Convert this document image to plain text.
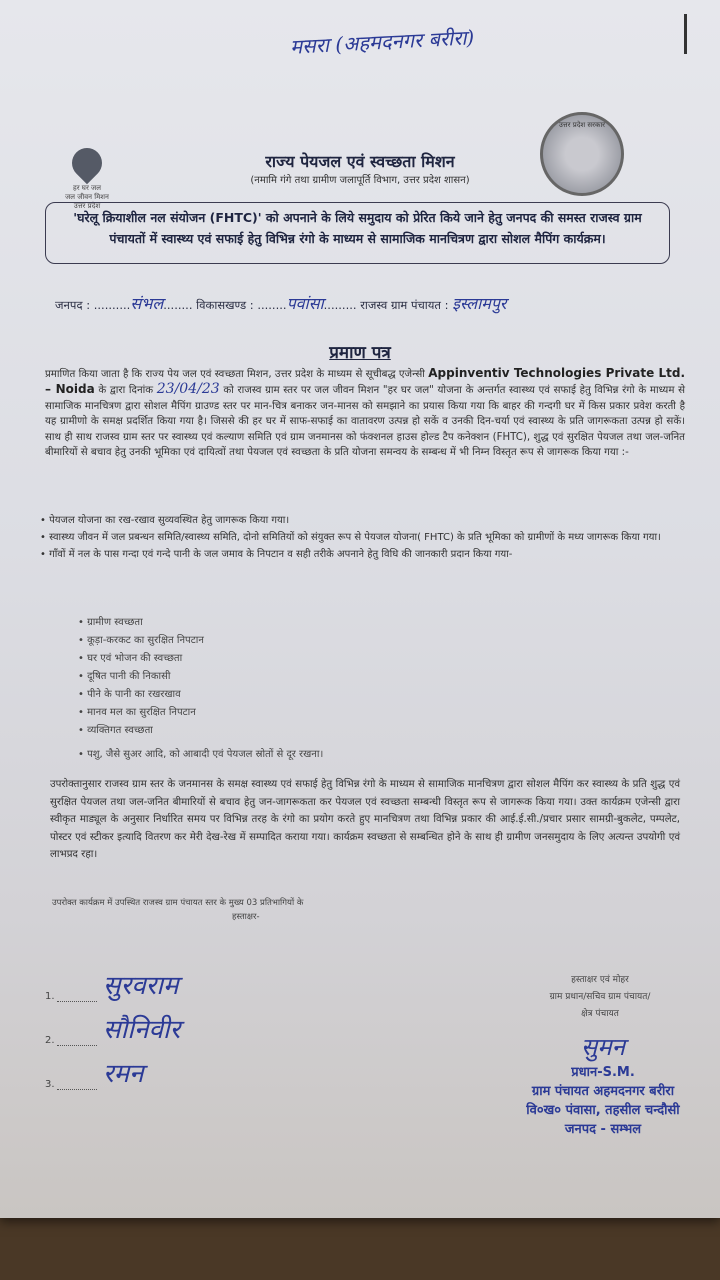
मसरा (अहमदनगर बरीरा)
हर घर जल
जल जीवन मिशन
उत्तर प्रदेश
उत्तर प्रदेश सरकार
राज्य पेयजल एवं स्वच्छता मिशन
(नमामि गंगे तथा ग्रामीण जलापूर्ति विभाग, उत्तर प्रदेश शासन)
'घरेलू क्रियाशील नल संयोजन (FHTC)' को अपनाने के लिये समुदाय को प्रेरित किये जाने हेतु जनपद की समस्त राजस्व ग्राम पंचायतों में स्वास्थ्य एवं सफाई हेतु विभिन्न रंगो के माध्यम से सामाजिक मानचित्रण द्वारा सोशल मैपिंग कार्यक्रम।
जनपद : ..........संभल........ विकासखण्ड : ........पवांसा......... राजस्व ग्राम पंचायत : इस्लामपुर
प्रमाण पत्र
प्रमाणित किया जाता है कि राज्य पेय जल एवं स्वच्छता मिशन, उत्तर प्रदेश के माध्यम से सूचीबद्ध एजेन्सी Appinventiv Technologies Private Ltd. – Noida के द्वारा दिनांक 23/04/23 को राजस्व ग्राम स्तर पर जल जीवन मिशन "हर घर जल" योजना के अन्तर्गत स्वास्थ्य एवं सफाई हेतु विभिन्न रंगो के माध्यम से सामाजिक मानचित्रण द्वारा सोशल मैपिंग ग्राउण्ड स्तर पर मान-चित्र बनाकर जन-मानस को समझाने का प्रयास किया गया कि बाहर की गन्दगी घर में किस प्रकार प्रवेश करती है यह ग्रामीणो के समक्ष प्रदर्शित किया गया है। जिससे की हर घर में साफ-सफाई का वातावरण उत्पन्न हो सकें व उनकी दिन-चर्या एवं स्वास्थ्य के प्रति जागरूकता उत्पन्न हो सकें। साथ ही साथ राजस्व ग्राम स्तर पर स्वास्थ्य एवं कल्याण समिति एवं ग्राम जनमानस को फंक्शनल हाउस होल्ड टैप कनेक्शन (FHTC), शुद्ध एवं सुरक्षित पेयजल तथा जल-जनित बीमारियों से बचाव हेतु उनकी भूमिका एवं दायित्वों तथा पेयजल एवं स्वच्छता के प्रति योजना समन्वय के सम्बन्ध में भी निम्न विस्तृत रूप से जागरूक किया गया :-
• पेयजल योजना का रख-रखाव सुव्यवस्थित हेतु जागरूक किया गया।
• स्वास्थ्य जीवन में जल प्रबन्धन समिति/स्वास्थ्य समिति, दोनो समितियों को संयुक्त रूप से पेयजल योजना( FHTC) के प्रति भूमिका को ग्रामीणों के मध्य जागरूक किया गया।
• गाँवों में नल के पास गन्दा एवं गन्दे पानी के जल जमाव के निपटान व सही तरीके अपनाने हेतु विधि की जानकारी प्रदान किया गया-
• ग्रामीण स्वच्छता
• कूड़ा-करकट का सुरक्षित निपटान
• घर एवं भोजन की स्वच्छता
• दूषित पानी की निकासी
• पीने के पानी का रखरखाव
• मानव मल का सुरक्षित निपटान
• व्यक्तिगत स्वच्छता
• पशु, जैसे सुअर आदि, को आबादी एवं पेयजल स्रोतों से दूर रखना।
उपरोक्तानुसार राजस्व ग्राम स्तर के जनमानस के समक्ष स्वास्थ्य एवं सफाई हेतु विभिन्न रंगो के माध्यम से सामाजिक मानचित्रण द्वारा सोशल मैपिंग कर स्वास्थ्य के प्रति शुद्ध एवं सुरक्षित पेयजल तथा जल-जनित बीमारियों से बचाव हेतु जन-जागरूकता कर पेयजल एवं स्वच्छता सम्बन्धी विस्तृत रूप से जागरूक किया गया। उक्त कार्यक्रम एजेन्सी द्वारा स्वीकृत माड्यूल के अनुसार निर्धारित समय पर विभिन्न तरह के रंगो का प्रयोग करते हुए मानचित्रण तथा विभिन्न प्रकार की आई.ई.सी./प्रचार प्रसार सामग्री-बुकलेट, पम्पलेट, पोस्टर एवं स्टीकर इत्यादि वितरण कर मेरी देख-रेख में सम्पादित कराया गया। कार्यक्रम स्वच्छता से सम्बन्धित होने के साथ ही ग्रामीण जनसमुदाय के लिए अत्यन्त उपयोगी एवं लाभप्रद रहा।
उपरोक्त कार्यक्रम में उपस्थित राजस्व ग्राम पंचायत स्तर के मुख्य 03 प्रतिभागियों के
हस्ताक्षर-
1. सुरवराम
2. सौनिवीर
3. रमन
हस्ताक्षर एवं मोहर
ग्राम प्रधान/सचिव ग्राम पंचायत/
क्षेत्र पंचायत
सुमन
प्रधान-S.M.
ग्राम पंचायत अहमदनगर बरीरा
वि०ख० पंवासा, तहसील चन्दौसी
जनपद - सम्भल
